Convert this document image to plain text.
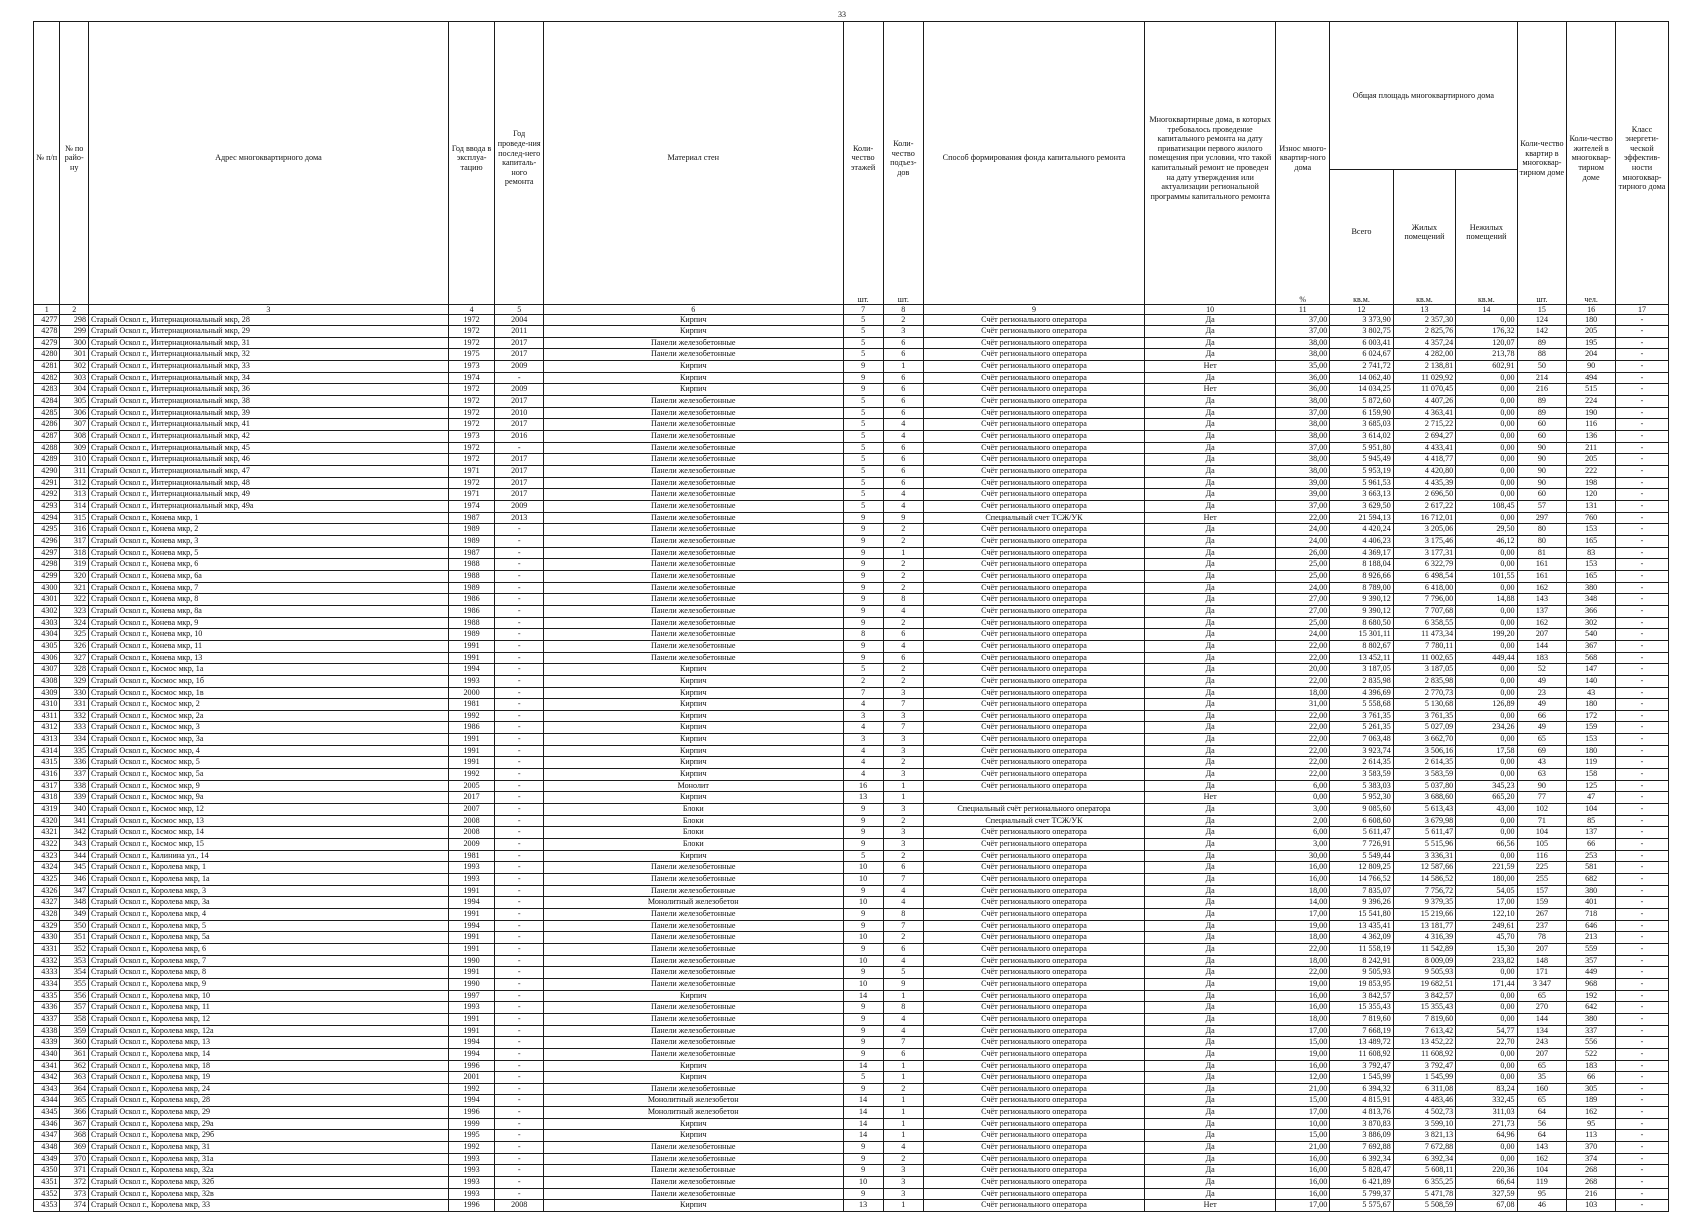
33
№ п/п	№ по райо-ну	Адрес многоквартирного дома	Год ввода в эксплуа-тацию	Год проведе-ния послед-него капиталь-ного ремонта	Материал стен	Коли-чество этажей	Коли-чество подъез-дов	Способ формирования фонда капитального ремонта	Многоквартирные дома, в которых требовалось проведение капитального ремонта на дату приватизации первого жилого помещения при условии, что такой капитальный ремонт не проведен на дату утверждения или актуализации региональной программы капитального ремонта	Износ много-квартир-ного дома	Общая площадь многоквартирного дома			Коли-чество квартир в многоквар-тирном доме	Коли-чество жителей в многоквар-тирном доме	Класс энергети-ческой эффектив-ности многоквар-тирного дома
											Всего	Жилых помещений	Нежилых помещений			
						шт.	шт.			%	кв.м.	кв.м.	кв.м.	шт.	чел.	
1	2	3	4	5	6	7	8	9	10	11	12	13	14	15	16	17
4277	298	Старый Оскол г., Интернациональный мкр, 28	1972	2004	Кирпич	5	2	Счёт регионального оператора	Да	37,00	3 373,90	2 357,30	0,00	124	180	-
4278	299	Старый Оскол г., Интернациональный мкр, 29	1972	2011	Кирпич	5	3	Счёт регионального оператора	Да	37,00	3 802,75	2 825,76	176,32	142	205	-
4279	300	Старый Оскол г., Интернациональный мкр, 31	1972	2017	Панели железобетонные	5	6	Счёт регионального оператора	Да	38,00	6 003,41	4 357,24	120,07	89	195	-
4280	301	Старый Оскол г., Интернациональный мкр, 32	1975	2017	Панели железобетонные	5	6	Счёт регионального оператора	Да	38,00	6 024,67	4 282,00	213,78	88	204	-
4281	302	Старый Оскол г., Интернациональный мкр, 33	1973	2009	Кирпич	9	1	Счёт регионального оператора	Нет	35,00	2 741,72	2 138,81	602,91	50	90	-
4282	303	Старый Оскол г., Интернациональный мкр, 34	1974	-	Кирпич	9	6	Счёт регионального оператора	Да	36,00	14 062,40	11 029,92	0,00	214	494	-
4283	304	Старый Оскол г., Интернациональный мкр, 36	1972	2009	Кирпич	9	6	Счёт регионального оператора	Нет	36,00	14 034,25	11 070,45	0,00	216	515	-
4284	305	Старый Оскол г., Интернациональный мкр, 38	1972	2017	Панели железобетонные	5	6	Счёт регионального оператора	Да	38,00	5 872,60	4 407,26	0,00	89	224	-
4285	306	Старый Оскол г., Интернациональный мкр, 39	1972	2010	Панели железобетонные	5	6	Счёт регионального оператора	Да	37,00	6 159,90	4 363,41	0,00	89	190	-
4286	307	Старый Оскол г., Интернациональный мкр, 41	1972	2017	Панели железобетонные	5	4	Счёт регионального оператора	Да	38,00	3 685,03	2 715,22	0,00	60	116	-
4287	308	Старый Оскол г., Интернациональный мкр, 42	1973	2016	Панели железобетонные	5	4	Счёт регионального оператора	Да	38,00	3 614,02	2 694,27	0,00	60	136	-
4288	309	Старый Оскол г., Интернациональный мкр, 45	1972	-	Панели железобетонные	5	6	Счёт регионального оператора	Да	37,00	5 951,80	4 433,41	0,00	90	211	-
4289	310	Старый Оскол г., Интернациональный мкр, 46	1972	2017	Панели железобетонные	5	6	Счёт регионального оператора	Да	38,00	5 945,49	4 418,77	0,00	90	205	-
4290	311	Старый Оскол г., Интернациональный мкр, 47	1971	2017	Панели железобетонные	5	6	Счёт регионального оператора	Да	38,00	5 953,19	4 420,80	0,00	90	222	-
4291	312	Старый Оскол г., Интернациональный мкр, 48	1972	2017	Панели железобетонные	5	6	Счёт регионального оператора	Да	39,00	5 961,53	4 435,39	0,00	90	198	-
4292	313	Старый Оскол г., Интернациональный мкр, 49	1971	2017	Панели железобетонные	5	4	Счёт регионального оператора	Да	39,00	3 663,13	2 696,50	0,00	60	120	-
4293	314	Старый Оскол г., Интернациональный мкр, 49а	1974	2009	Панели железобетонные	5	4	Счёт регионального оператора	Да	37,00	3 629,50	2 617,22	108,45	57	131	-
4294	315	Старый Оскол г., Конева мкр, 1	1987	2013	Панели железобетонные	9	9	Специальный счет ТСЖ/УК	Нет	22,00	21 594,13	16 712,01	0,00	297	760	-
4295	316	Старый Оскол г., Конева мкр, 2	1989	-	Панели железобетонные	9	2	Счёт регионального оператора	Да	24,00	4 420,24	3 205,06	29,50	80	153	-
4296	317	Старый Оскол г., Конева мкр, 3	1989	-	Панели железобетонные	9	2	Счёт регионального оператора	Да	24,00	4 406,23	3 175,46	46,12	80	165	-
4297	318	Старый Оскол г., Конева мкр, 5	1987	-	Панели железобетонные	9	1	Счёт регионального оператора	Да	26,00	4 369,17	3 177,31	0,00	81	83	-
4298	319	Старый Оскол г., Конева мкр, 6	1988	-	Панели железобетонные	9	2	Счёт регионального оператора	Да	25,00	8 188,04	6 322,79	0,00	161	153	-
4299	320	Старый Оскол г., Конева мкр, 6а	1988	-	Панели железобетонные	9	2	Счёт регионального оператора	Да	25,00	8 926,66	6 498,54	101,55	161	165	-
4300	321	Старый Оскол г., Конева мкр, 7	1989	-	Панели железобетонные	9	2	Счёт регионального оператора	Да	24,00	8 789,00	6 418,00	0,00	162	380	-
4301	322	Старый Оскол г., Конева мкр, 8	1986	-	Панели железобетонные	9	8	Счёт регионального оператора	Да	27,00	9 390,12	7 796,00	14,88	143	348	-
4302	323	Старый Оскол г., Конева мкр, 8а	1986	-	Панели железобетонные	9	4	Счёт регионального оператора	Да	27,00	9 390,12	7 707,68	0,00	137	366	-
4303	324	Старый Оскол г., Конева мкр, 9	1988	-	Панели железобетонные	9	2	Счёт регионального оператора	Да	25,00	8 680,50	6 358,55	0,00	162	302	-
4304	325	Старый Оскол г., Конева мкр, 10	1989	-	Панели железобетонные	8	6	Счёт регионального оператора	Да	24,00	15 301,11	11 473,34	199,20	207	540	-
4305	326	Старый Оскол г., Конева мкр, 11	1991	-	Панели железобетонные	9	4	Счёт регионального оператора	Да	22,00	8 802,67	7 780,11	0,00	144	367	-
4306	327	Старый Оскол г., Конева мкр, 13	1991	-	Панели железобетонные	9	6	Счёт регионального оператора	Да	22,00	13 452,11	11 002,65	449,44	183	568	-
4307	328	Старый Оскол г., Космос мкр, 1а	1994	-	Кирпич	5	2	Счёт регионального оператора	Да	20,00	3 187,05	3 187,05	0,00	52	147	-
4308	329	Старый Оскол г., Космос мкр, 1б	1993	-	Кирпич	2	2	Счёт регионального оператора	Да	22,00	2 835,98	2 835,98	0,00	49	140	-
4309	330	Старый Оскол г., Космос мкр, 1в	2000	-	Кирпич	7	3	Счёт регионального оператора	Да	18,00	4 396,69	2 770,73	0,00	23	43	-
4310	331	Старый Оскол г., Космос мкр, 2	1981	-	Кирпич	4	7	Счёт регионального оператора	Да	31,00	5 558,68	5 130,68	126,89	49	180	-
4311	332	Старый Оскол г., Космос мкр, 2а	1992	-	Кирпич	3	3	Счёт регионального оператора	Да	22,00	3 761,35	3 761,35	0,00	66	172	-
4312	333	Старый Оскол г., Космос мкр, 3	1986	-	Кирпич	4	7	Счёт регионального оператора	Да	22,00	5 261,35	5 027,09	234,26	49	159	-
4313	334	Старый Оскол г., Космос мкр, 3а	1991	-	Кирпич	3	3	Счёт регионального оператора	Да	22,00	7 063,48	3 662,70	0,00	65	153	-
4314	335	Старый Оскол г., Космос мкр, 4	1991	-	Кирпич	4	3	Счёт регионального оператора	Да	22,00	3 923,74	3 506,16	17,58	69	180	-
4315	336	Старый Оскол г., Космос мкр, 5	1991	-	Кирпич	4	2	Счёт регионального оператора	Да	22,00	2 614,35	2 614,35	0,00	43	119	-
4316	337	Старый Оскол г., Космос мкр, 5а	1992	-	Кирпич	4	3	Счёт регионального оператора	Да	22,00	3 583,59	3 583,59	0,00	63	158	-
4317	338	Старый Оскол г., Космос мкр, 9	2005	-	Монолит	16	1	Счёт регионального оператора	Да	6,00	5 383,03	5 037,80	345,23	90	125	-
4318	339	Старый Оскол г., Космос мкр, 9а	2017	-	Кирпич	13	1		Нет	0,00	5 952,30	3 688,60	665,20	77	47	-
4319	340	Старый Оскол г., Космос мкр, 12	2007	-	Блоки	9	3	Специальный счёт регионального оператора	Да	3,00	9 085,60	5 613,43	43,00	102	104	-
4320	341	Старый Оскол г., Космос мкр, 13	2008	-	Блоки	9	2	Специальный счет ТСЖ/УК	Да	2,00	6 608,60	3 679,98	0,00	71	85	-
4321	342	Старый Оскол г., Космос мкр, 14	2008	-	Блоки	9	3	Счёт регионального оператора	Да	6,00	5 611,47	5 611,47	0,00	104	137	-
4322	343	Старый Оскол г., Космос мкр, 15	2009	-	Блоки	9	3	Счёт регионального оператора	Да	3,00	7 726,91	5 515,96	66,56	105	66	-
4323	344	Старый Оскол г., Калинина ул., 14	1981	-	Кирпич	5	2	Счёт регионального оператора	Да	30,00	5 549,44	3 336,31	0,00	116	253	-
4324	345	Старый Оскол г., Королева мкр, 1	1993	-	Панели железобетонные	10	6	Счёт регионального оператора	Да	16,00	12 809,25	12 587,66	221,59	225	581	-
4325	346	Старый Оскол г., Королева мкр, 1а	1993	-	Панели железобетонные	10	7	Счёт регионального оператора	Да	16,00	14 766,52	14 586,52	180,00	255	682	-
4326	347	Старый Оскол г., Королева мкр, 3	1991	-	Панели железобетонные	9	4	Счёт регионального оператора	Да	18,00	7 835,07	7 756,72	54,05	157	380	-
4327	348	Старый Оскол г., Королева мкр, 3а	1994	-	Монолитный железобетон	10	4	Счёт регионального оператора	Да	14,00	9 396,26	9 379,35	17,00	159	401	-
4328	349	Старый Оскол г., Королева мкр, 4	1991	-	Панели железобетонные	9	8	Счёт регионального оператора	Да	17,00	15 541,80	15 219,66	122,10	267	718	-
4329	350	Старый Оскол г., Королева мкр, 5	1994	-	Панели железобетонные	9	7	Счёт регионального оператора	Да	19,00	13 435,41	13 181,77	249,61	237	646	-
4330	351	Старый Оскол г., Королева мкр, 5а	1991	-	Панели железобетонные	10	2	Счёт регионального оператора	Да	18,00	4 362,09	4 316,39	45,70	78	213	-
4331	352	Старый Оскол г., Королева мкр, 6	1991	-	Панели железобетонные	9	6	Счёт регионального оператора	Да	22,00	11 558,19	11 542,89	15,30	207	559	-
4332	353	Старый Оскол г., Королева мкр, 7	1990	-	Панели железобетонные	10	4	Счёт регионального оператора	Да	18,00	8 242,91	8 009,09	233,82	148	357	-
4333	354	Старый Оскол г., Королева мкр, 8	1991	-	Панели железобетонные	9	5	Счёт регионального оператора	Да	22,00	9 505,93	9 505,93	0,00	171	449	-
4334	355	Старый Оскол г., Королева мкр, 9	1990	-	Панели железобетонные	10	9	Счёт регионального оператора	Да	19,00	19 853,95	19 682,51	171,44	3 347	968	-
4335	356	Старый Оскол г., Королева мкр, 10	1997	-	Кирпич	14	1	Счёт регионального оператора	Да	16,00	3 842,57	3 842,57	0,00	65	192	-
4336	357	Старый Оскол г., Королева мкр, 11	1993	-	Панели железобетонные	9	8	Счёт регионального оператора	Да	16,00	15 355,43	15 355,43	0,00	270	642	-
4337	358	Старый Оскол г., Королева мкр, 12	1991	-	Панели железобетонные	9	4	Счёт регионального оператора	Да	18,00	7 819,60	7 819,60	0,00	144	380	-
4338	359	Старый Оскол г., Королева мкр, 12а	1991	-	Панели железобетонные	9	4	Счёт регионального оператора	Да	17,00	7 668,19	7 613,42	54,77	134	337	-
4339	360	Старый Оскол г., Королева мкр, 13	1994	-	Панели железобетонные	9	7	Счёт регионального оператора	Да	15,00	13 489,72	13 452,22	22,70	243	556	-
4340	361	Старый Оскол г., Королева мкр, 14	1994	-	Панели железобетонные	9	6	Счёт регионального оператора	Да	19,00	11 608,92	11 608,92	0,00	207	522	-
4341	362	Старый Оскол г., Королева мкр, 18	1996	-	Кирпич	14	1	Счёт регионального оператора	Да	16,00	3 792,47	3 792,47	0,00	65	183	-
4342	363	Старый Оскол г., Королева мкр, 19	2001	-	Кирпич	5	1	Счёт регионального оператора	Да	12,00	1 545,99	1 545,99	0,00	35	66	-
4343	364	Старый Оскол г., Королева мкр, 24	1992	-	Панели железобетонные	9	2	Счёт регионального оператора	Да	21,00	6 394,32	6 311,08	83,24	160	305	-
4344	365	Старый Оскол г., Королева мкр, 28	1994	-	Монолитный железобетон	14	1	Счёт регионального оператора	Да	15,00	4 815,91	4 483,46	332,45	65	189	-
4345	366	Старый Оскол г., Королева мкр, 29	1996	-	Монолитный железобетон	14	1	Счёт регионального оператора	Да	17,00	4 813,76	4 502,73	311,03	64	162	-
4346	367	Старый Оскол г., Королева мкр, 29а	1999	-	Кирпич	14	1	Счёт регионального оператора	Да	10,00	3 870,83	3 599,10	271,73	56	95	-
4347	368	Старый Оскол г., Королева мкр, 29б	1995	-	Кирпич	14	1	Счёт регионального оператора	Да	15,00	3 886,09	3 821,13	64,96	64	113	-
4348	369	Старый Оскол г., Королева мкр, 31	1992	-	Панели железобетонные	9	4	Счёт регионального оператора	Да	21,00	7 692,88	7 672,88	0,00	143	370	-
4349	370	Старый Оскол г., Королева мкр, 31а	1993	-	Панели железобетонные	9	2	Счёт регионального оператора	Да	16,00	6 392,34	6 392,34	0,00	162	374	-
4350	371	Старый Оскол г., Королева мкр, 32а	1993	-	Панели железобетонные	9	3	Счёт регионального оператора	Да	16,00	5 828,47	5 608,11	220,36	104	268	-
4351	372	Старый Оскол г., Королева мкр, 32б	1993	-	Панели железобетонные	10	3	Счёт регионального оператора	Да	16,00	6 421,89	6 355,25	66,64	119	268	-
4352	373	Старый Оскол г., Королева мкр, 32в	1993	-	Панели железобетонные	9	3	Счёт регионального оператора	Да	16,00	5 799,37	5 471,78	327,59	95	216	-
4353	374	Старый Оскол г., Королева мкр, 33	1996	2008	Кирпич	13	1	Счёт регионального оператора	Нет	17,00	5 575,67	5 508,59	67,08	46	103	-
